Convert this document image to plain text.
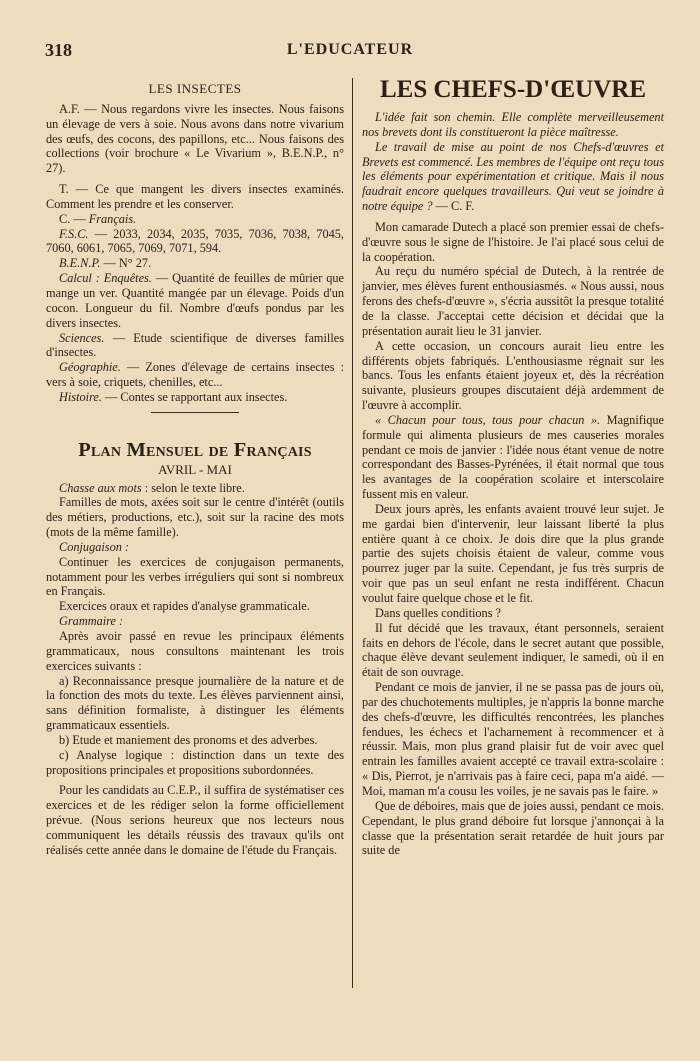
318	L'EDUCATEUR
LES INSECTES

A.F. — Nous regardons vivre les insectes. Nous faisons un élevage de vers à soie. Nous avons dans notre vivarium des œufs, des cocons, des papillons, etc... Nous faisons des collections (voir brochure « Le Vivarium », B.E.N.P., n° 27).

T. — Ce que mangent les divers insectes examinés. Comment les prendre et les conserver.

C. — Français.

F.S.C. — 2033, 2034, 2035, 7035, 7036, 7038, 7045, 7060, 6061, 7065, 7069, 7071, 594.

B.E.N.P. — N° 27.

Calcul : Enquêtes. — Quantité de feuilles de mûrier que mange un ver. Quantité mangée par un élevage. Poids d'un cocon. Longueur du fil. Nombre d'œufs pondus par les divers insectes.

Sciences. — Etude scientifique de diverses familles d'insectes.

Géographie. — Zones d'élevage de certains insectes : vers à soie, criquets, chenilles, etc...

Histoire. — Contes se rapportant aux insectes.

Plan Mensuel de Français
AVRIL - MAI

Chasse aux mots : selon le texte libre.

Familles de mots, axées soit sur le centre d'intérêt (outils des métiers, productions, etc.), soit sur la racine des mots (mots de la même famille).

Conjugaison :

Continuer les exercices de conjugaison permanents, notamment pour les verbes irréguliers qui sont si nombreux en Français.

Exercices oraux et rapides d'analyse grammaticale.

Grammaire :

Après avoir passé en revue les principaux éléments grammaticaux, nous consultons maintenant les trois exercices suivants :

a) Reconnaissance presque journalière de la nature et de la fonction des mots du texte. Les élèves parviennent ainsi, sans définition formaliste, à distinguer les éléments grammaticaux essentiels.

b) Etude et maniement des pronoms et des adverbes.

c) Analyse logique : distinction dans un texte des propositions principales et propositions subordonnées.

Pour les candidats au C.E.P., il suffira de systématiser ces exercices et de les rédiger selon la forme officiellement prévue. (Nous serions heureux que nos lecteurs nous communiquent les détails réussis des travaux qu'ils ont réalisés cette année dans le domaine de l'étude du Français.

LES CHEFS-D'ŒUVRE

L'idée fait son chemin. Elle complète merveilleusement nos brevets dont ils constitueront la pièce maîtresse.

Le travail de mise au point de nos Chefs-d'œuvres et Brevets est commencé. Les membres de l'équipe ont reçu tous les éléments pour expérimentation et critique. Mais il nous faudrait encore quelques travailleurs. Qui veut se joindre à notre équipe ? — C. F.

Mon camarade Dutech a placé son premier essai de chefs-d'œuvre sous le signe de l'histoire. Je l'ai placé sous celui de la coopération.

Au reçu du numéro spécial de Dutech, à la rentrée de janvier, mes élèves furent enthousiasmés. « Nous aussi, nous ferons des chefs-d'œuvre », s'écria aussitôt la presque totalité de la classe. J'acceptai cette décision et décidai que la présentation aurait lieu le 31 janvier.

A cette occasion, un concours aurait lieu entre les différents objets fabriqués. L'enthousiasme régnait sur les bancs. Tous les enfants étaient joyeux et, dès la récréation suivante, plusieurs groupes discutaient déjà ardemment de l'œuvre à accomplir.

« Chacun pour tous, tous pour chacun ». Magnifique formule qui alimenta plusieurs de mes causeries morales pendant ce mois de janvier : l'idée nous étant venue de notre correspondant des Basses-Pyrénées, il était normal que tous les avantages de la coopération scolaire et interscolaire fussent mis en valeur.

Deux jours après, les enfants avaient trouvé leur sujet. Je me gardai bien d'intervenir, leur laissant liberté la plus entière quant à ce choix. Je dois dire que la plus grande partie des sujets choisis étaient de valeur, comme vous pourrez juger par la suite. Cependant, je fus très surpris de voir que pas un seul enfant ne resta indifférent. Chacun voulut faire quelque chose et le fit.

Dans quelles conditions ?

Il fut décidé que les travaux, étant personnels, seraient faits en dehors de l'école, dans le secret autant que possible, chaque élève devant seulement indiquer, le samedi, où il en était de son ouvrage.

Pendant ce mois de janvier, il ne se passa pas de jours où, par des chuchotements multiples, je n'appris la bonne marche des chefs-d'œuvre, les difficultés rencontrées, les planches fendues, les échecs et l'acharnement à recommencer et à réussir. Mais, mon plus grand plaisir fut de voir avec quel entrain les familles avaient accepté ce travail extra-scolaire : « Dis, Pierrot, je n'arrivais pas à faire ceci, papa m'a aidé. — Moi, maman m'a cousu les voiles, je ne savais pas le faire. »

Que de déboires, mais que de joies aussi, pendant ce mois. Cependant, le plus grand déboire fut lorsque j'annonçai à la classe que la présentation serait retardée de huit jours par suite de
